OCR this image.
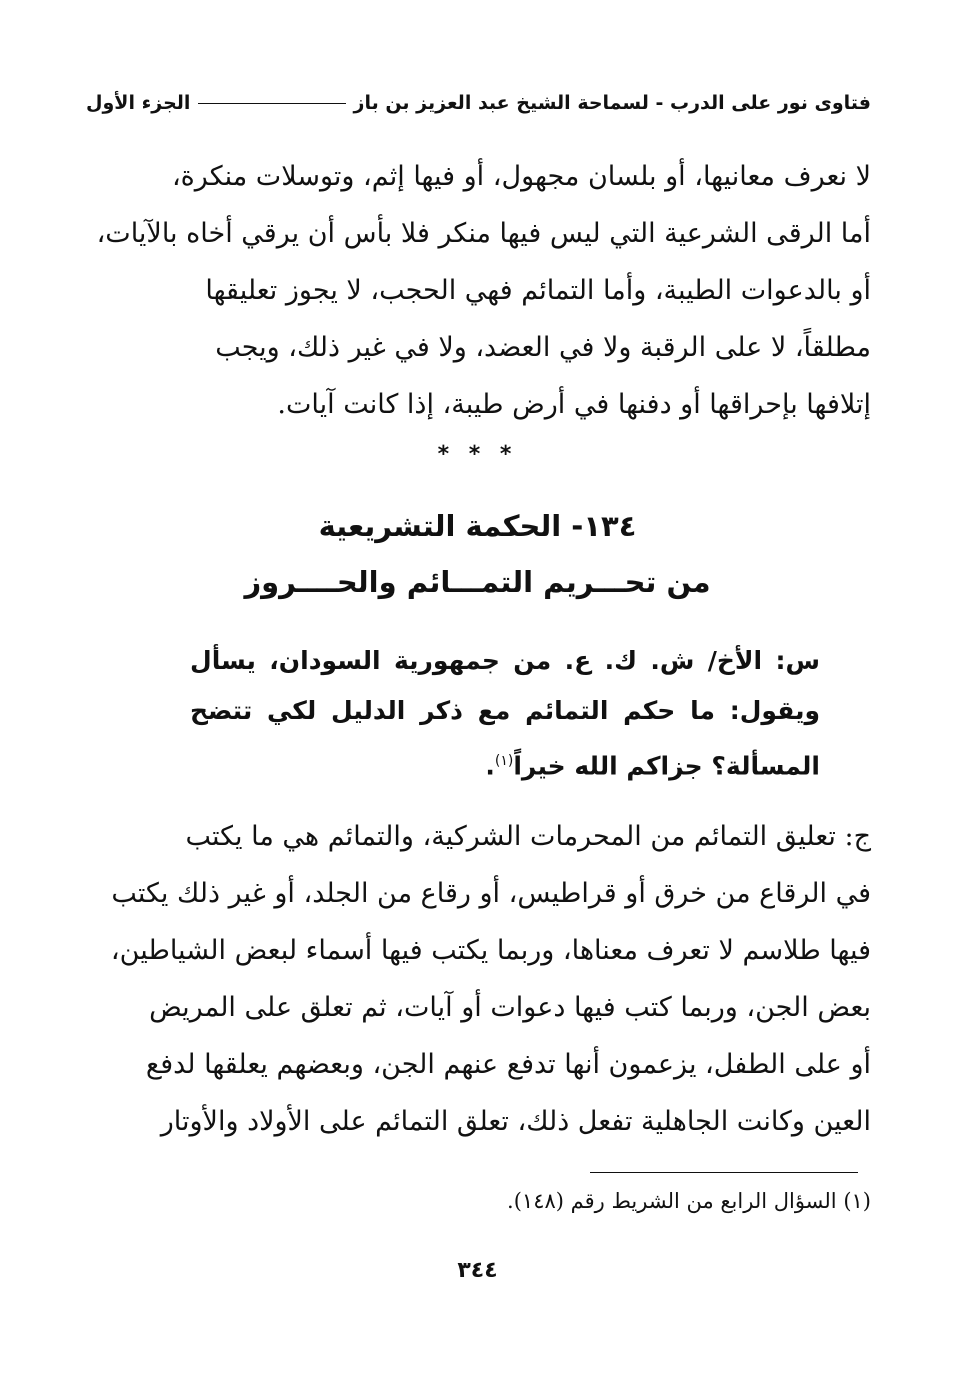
فتاوى نور على الدرب

- لسماحة الشيخ عبد العزيز بن باز
الجزء الأول

لا نعرف معانيها، أو بلسان مجهول، أو فيها إثم، وتوسلات منكرة،

أما الرقى الشرعية التي ليس فيها منكر فلا بأس أن يرقي أخاه بالآيات،

أو بالدعوات الطيبة، وأما التمائم فهي الحجب، لا يجوز تعليقها

مطلقاً، لا على الرقبة ولا في العضد، ولا في غير ذلك، ويجب

إتلافها بإحراقها أو دفنها في أرض طيبة، إذا كانت آيات.

* * *
١٣٤- الحكمة التشريعية
من تحـــريم التمـــائم والحــــروز
س: الأخ/ ش. ك. ع. من جمهورية السودان، يسأل ويقول: ما حكم التمائم مع ذكر الدليل لكي تتضح المسألة؟ جزاكم الله خيراً$^{(١)}$.

ج: تعليق التمائم من المحرمات الشركية، والتمائم هي ما يكتب

في الرقاع من خرق أو قراطيس، أو رقاع من الجلد، أو غير ذلك يكتب

فيها طلاسم لا تعرف معناها، وربما يكتب فيها أسماء لبعض الشياطين،

بعض الجن، وربما كتب فيها دعوات أو آيات، ثم تعلق على المريض

أو على الطفل، يزعمون أنها تدفع عنهم الجن، وبعضهم يعلقها لدفع

العين وكانت الجاهلية تفعل ذلك، تعلق التمائم على الأولاد والأوتار

(١) السؤال الرابع من الشريط رقم (١٤٨).
٣٤٤
